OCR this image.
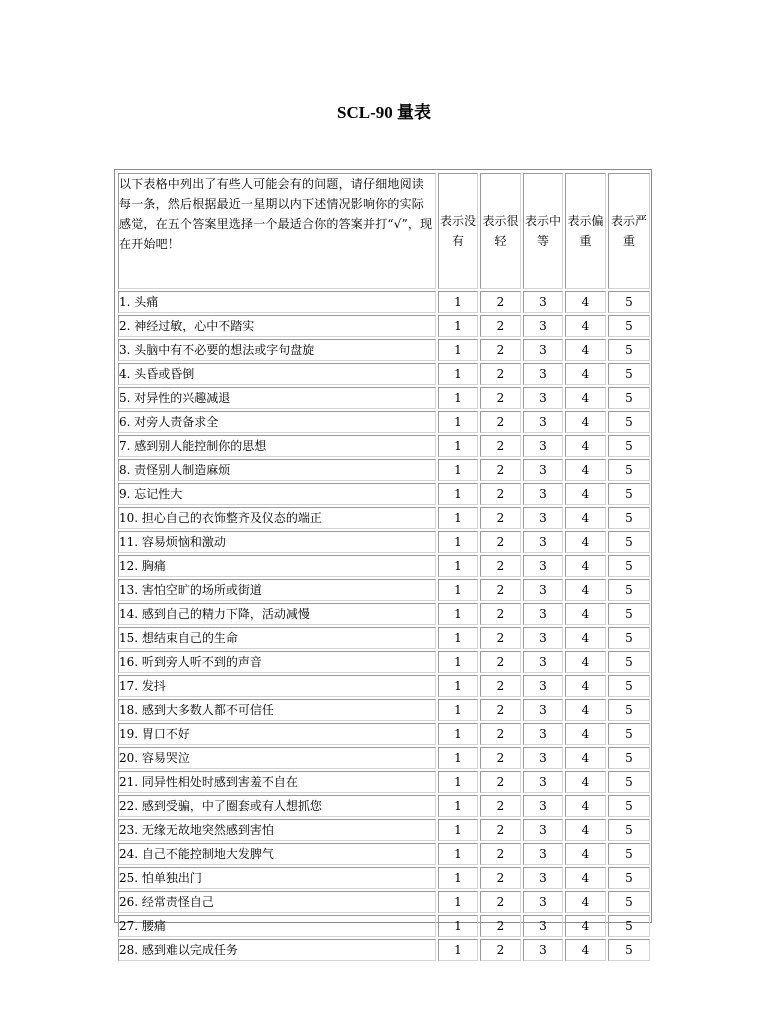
SCL-90 量表
以下表格中列出了有些人可能会有的问题，请仔细地阅读每一条，然后根据最近一星期以内下述情况影响你的实际感觉，在五个答案里选择一个最适合你的答案并打“√”，现在开始吧！	表示没有	表示很轻	表示中等	表示偏重	表示严重
1. 头痛	1	2	3	4	5
2. 神经过敏，心中不踏实	1	2	3	4	5
3. 头脑中有不必要的想法或字句盘旋	1	2	3	4	5
4. 头昏或昏倒	1	2	3	4	5
5. 对异性的兴趣减退	1	2	3	4	5
6. 对旁人责备求全	1	2	3	4	5
7. 感到别人能控制你的思想	1	2	3	4	5
8. 责怪别人制造麻烦	1	2	3	4	5
9. 忘记性大	1	2	3	4	5
10. 担心自己的衣饰整齐及仪态的端正	1	2	3	4	5
11. 容易烦恼和激动	1	2	3	4	5
12. 胸痛	1	2	3	4	5
13. 害怕空旷的场所或街道	1	2	3	4	5
14. 感到自己的精力下降，活动减慢	1	2	3	4	5
15. 想结束自己的生命	1	2	3	4	5
16. 听到旁人听不到的声音	1	2	3	4	5
17. 发抖	1	2	3	4	5
18. 感到大多数人都不可信任	1	2	3	4	5
19. 胃口不好	1	2	3	4	5
20. 容易哭泣	1	2	3	4	5
21. 同异性相处时感到害羞不自在	1	2	3	4	5
22. 感到受骗，中了圈套或有人想抓您	1	2	3	4	5
23. 无缘无故地突然感到害怕	1	2	3	4	5
24. 自己不能控制地大发脾气	1	2	3	4	5
25. 怕单独出门	1	2	3	4	5
26. 经常责怪自己	1	2	3	4	5
27. 腰痛	1	2	3	4	5
28. 感到难以完成任务	1	2	3	4	5
